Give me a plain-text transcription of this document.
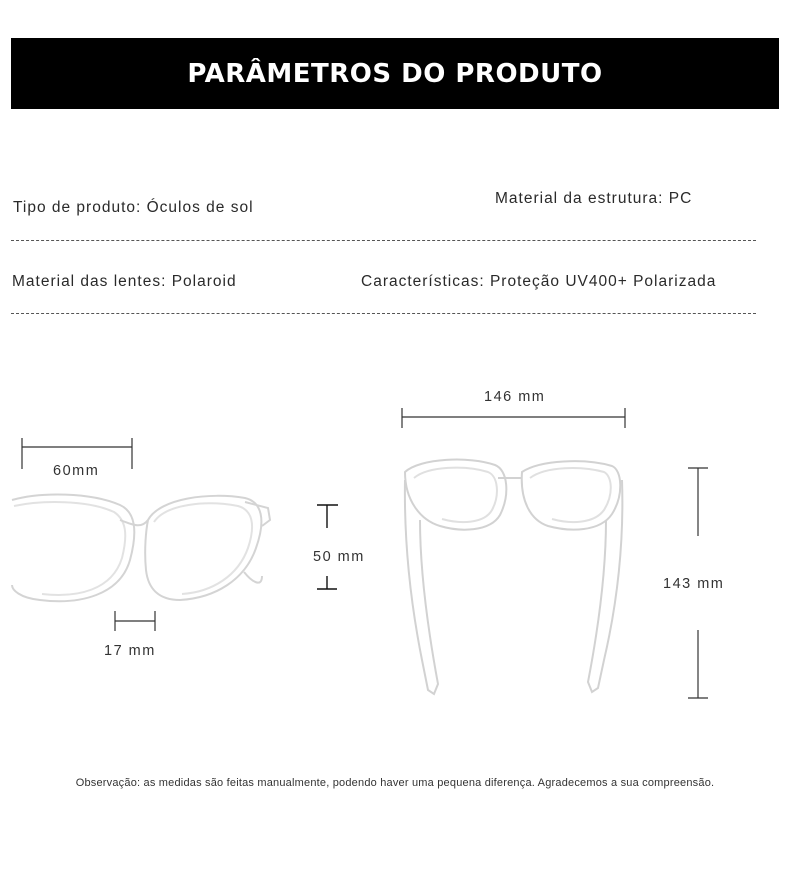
PARÂMETROS DO PRODUTO
Tipo de produto: Óculos de sol
Material da estrutura: PC
Material das lentes: Polaroid	Características: Proteção UV400+ Polarizada
60mm
17 mm
50 mm
146 mm
143 mm
Observação: as medidas são feitas manualmente, podendo haver uma pequena diferença. Agradecemos a sua compreensão.
